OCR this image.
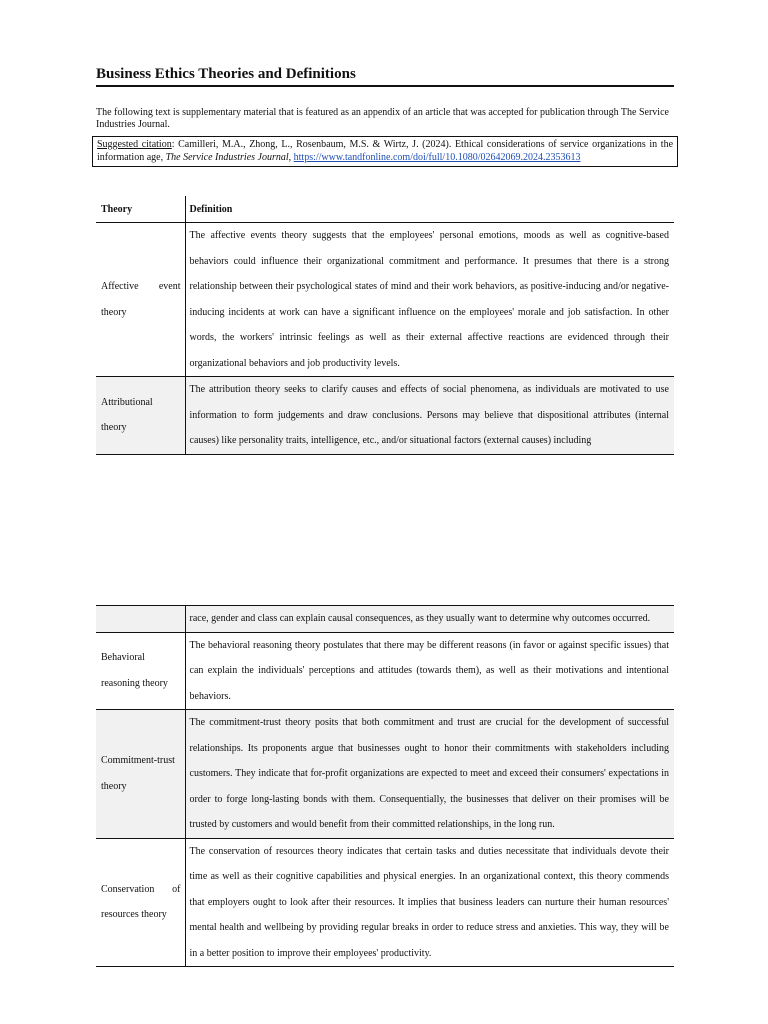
Business Ethics Theories and Definitions

The following text is supplementary material that is featured as an appendix of an article that was accepted for publication through The Service Industries Journal.

Suggested citation: Camilleri, M.A., Zhong, L., Rosenbaum, M.S. & Wirtz, J. (2024). Ethical considerations of service organizations in the information age, The Service Industries Journal, https://www.tandfonline.com/doi/full/10.1080/02642069.2024.2353613
Theory	Definition
Affective event theory	The affective events theory suggests that the employees' personal emotions, moods as well as cognitive-based behaviors could influence their organizational commitment and performance. It presumes that there is a strong relationship between their psychological states of mind and their work behaviors, as positive-inducing and/or negative-inducing incidents at work can have a significant influence on the employees' morale and job satisfaction. In other words, the workers' intrinsic feelings as well as their external affective reactions are evidenced through their organizational behaviors and job productivity levels.
Attributional theory	The attribution theory seeks to clarify causes and effects of social phenomena, as individuals are motivated to use information to form judgements and draw conclusions. Persons may believe that dispositional attributes (internal causes) like personality traits, intelligence, etc., and/or situational factors (external causes) including
	race, gender and class can explain causal consequences, as they usually want to determine why outcomes occurred.
Behavioral reasoning theory	The behavioral reasoning theory postulates that there may be different reasons (in favor or against specific issues) that can explain the individuals' perceptions and attitudes (towards them), as well as their motivations and intentional behaviors.
Commitment-trust theory	The commitment-trust theory posits that both commitment and trust are crucial for the development of successful relationships. Its proponents argue that businesses ought to honor their commitments with stakeholders including customers. They indicate that for-profit organizations are expected to meet and exceed their consumers' expectations in order to forge long-lasting bonds with them. Consequentially, the businesses that deliver on their promises will be trusted by customers and would benefit from their committed relationships, in the long run.
Conservation of resources theory	The conservation of resources theory indicates that certain tasks and duties necessitate that individuals devote their time as well as their cognitive capabilities and physical energies. In an organizational context, this theory commends that employers ought to look after their resources. It implies that business leaders can nurture their human resources' mental health and wellbeing by providing regular breaks in order to reduce stress and anxieties. This way, they will be in a better position to improve their employees' productivity.
